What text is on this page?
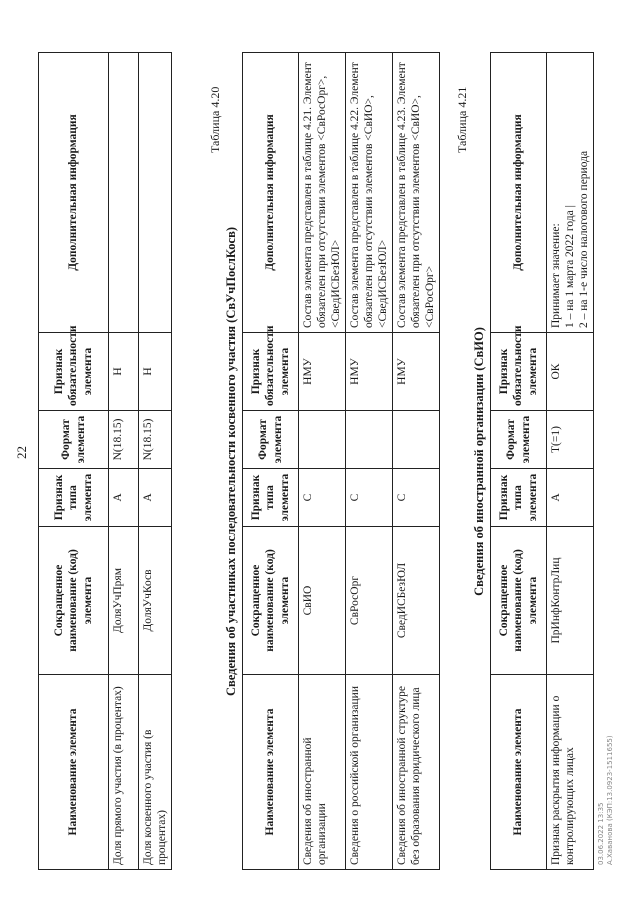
22
Наименование элемента	Сокращенное наименование (код) элемента	Признак типа элемента	Формат элемента	Признак обязательности элемента	Дополнительная информация
Доля прямого участия (в процентах)	ДоляУчПрям	А	N(18.15)	Н	
Доля косвенного участия (в процентах)	ДоляУчКосв	А	N(18.15)	Н	
Таблица 4.20
Сведения об участниках последовательности косвенного участия (СвУчПослКосв)
Наименование элемента	Сокращенное наименование (код) элемента	Признак типа элемента	Формат элемента	Признак обязательности элемента	Дополнительная информация
Сведения об иностранной организации	СвИО	С		НМУ	Состав элемента представлен в таблице 4.21. Элемент обязателен при отсутствии элементов <СвРосОрг>, <СведИСБезЮЛ>
Сведения о российской организации	СвРосОрг	С		НМУ	Состав элемента представлен в таблице 4.22. Элемент обязателен при отсутствии элементов <СвИО>, <СведИСБезЮЛ>
Сведения об иностранной структуре без образования юридического лица	СведИСБезЮЛ	С		НМУ	Состав элемента представлен в таблице 4.23. Элемент обязателен при отсутствии элементов <СвИО>, <СвРосОрг>
Таблица 4.21
Сведения об иностранной организации (СвИО)
Наименование элемента	Сокращенное наименование (код) элемента	Признак типа элемента	Формат элемента	Признак обязательности элемента	Дополнительная информация
Признак раскрытия информации о контролирующих лицах	ПрИнфКонтрЛиц	А	Т(=1)	ОК	Принимает значение:
1 – на 1 марта 2022 года |
2 – на 1-е число налогового периода
03.06.2022 13:35 А.Хаванова (КЭП:13.0923-1511655)
